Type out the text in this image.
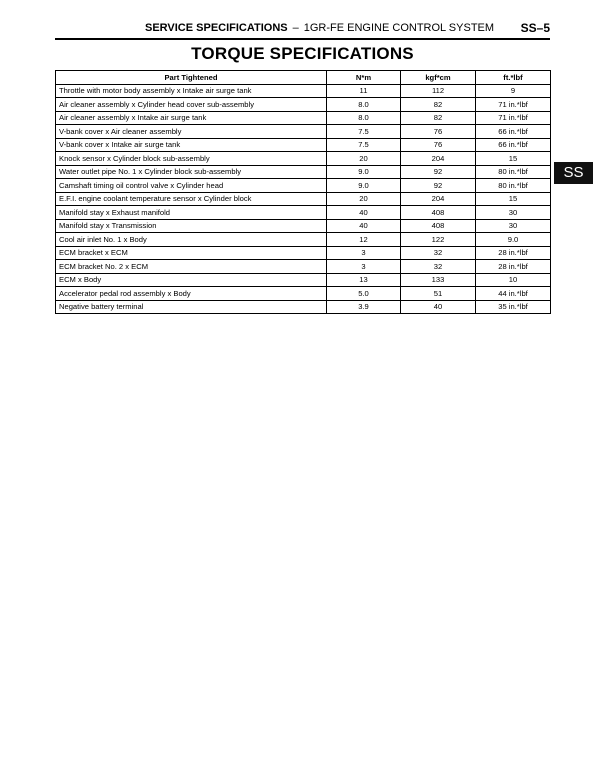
SERVICE SPECIFICATIONS – 1GR-FE ENGINE CONTROL SYSTEM SS–5
TORQUE SPECIFICATIONS
SS
Part Tightened	N*m	kgf*cm	ft.*lbf
Throttle with motor body assembly x Intake air surge tank	11	112	9
Air cleaner assembly x Cylinder head cover sub-assembly	8.0	82	71 in.*lbf
Air cleaner assembly x Intake air surge tank	8.0	82	71 in.*lbf
V-bank cover x Air cleaner assembly	7.5	76	66 in.*lbf
V-bank cover x Intake air surge tank	7.5	76	66 in.*lbf
Knock sensor x Cylinder block sub-assembly	20	204	15
Water outlet pipe No. 1 x Cylinder block sub-assembly	9.0	92	80 in.*lbf
Camshaft timing oil control valve x Cylinder head	9.0	92	80 in.*lbf
E.F.I. engine coolant temperature sensor x Cylinder block	20	204	15
Manifold stay x Exhaust manifold	40	408	30
Manifold stay x Transmission	40	408	30
Cool air inlet No. 1 x Body	12	122	9.0
ECM bracket x ECM	3	32	28 in.*lbf
ECM bracket No. 2 x ECM	3	32	28 in.*lbf
ECM x Body	13	133	10
Accelerator pedal rod assembly x Body	5.0	51	44 in.*lbf
Negative battery terminal	3.9	40	35 in.*lbf
